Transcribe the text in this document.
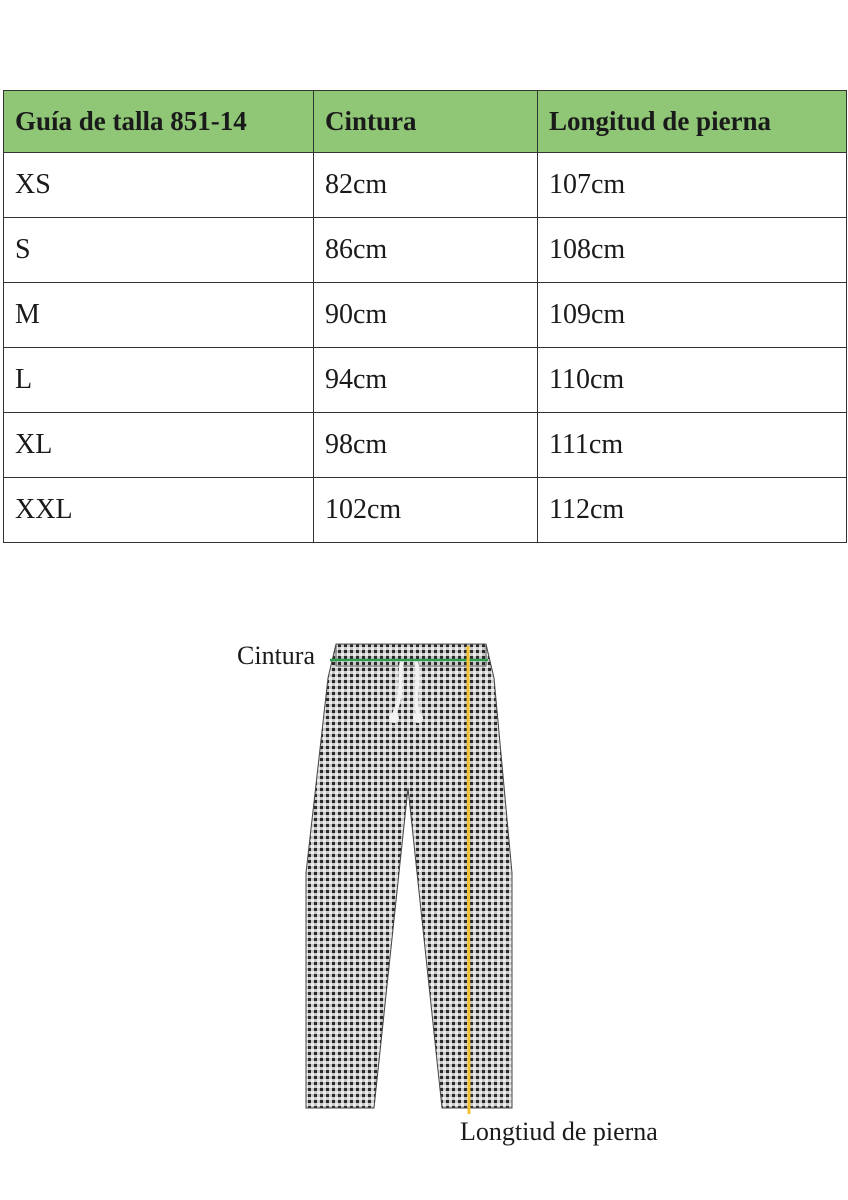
Guía de talla 851-14	Cintura	Longitud de pierna
XS	82cm	107cm
S	86cm	108cm
M	90cm	109cm
L	94cm	110cm
XL	98cm	111cm
XXL	102cm	112cm
Cintura
Longtiud de pierna
